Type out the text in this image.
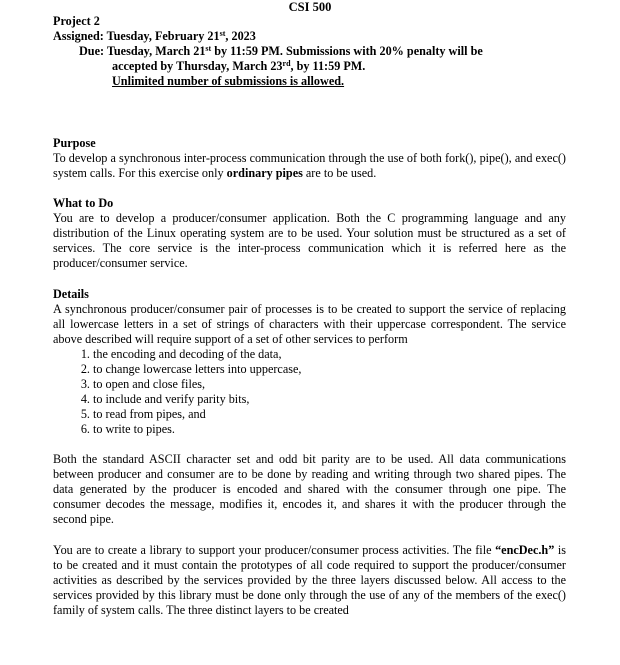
CSI 500
Project 2
Assigned: Tuesday, February 21st, 2023
Due: Tuesday, March 21st by 11:59 PM. Submissions with 20% penalty will be
accepted by Thursday, March 23rd, by 11:59 PM.
Unlimited number of submissions is allowed.
Purpose

To develop a synchronous inter-process communication through the use of both fork(), pipe(), and exec() system calls. For this exercise only ordinary pipes are to be used.

What to Do

You are to develop a producer/consumer application. Both the C programming language and any distribution of the Linux operating system are to be used. Your solution must be structured as a set of services. The core service is the inter-process communication which it is referred here as the producer/consumer service.

Details

A synchronous producer/consumer pair of processes is to be created to support the service of replacing all lowercase letters in a set of strings of characters with their uppercase correspondent. The service above described will require support of a set of other services to perform

1. the encoding and decoding of the data,
2. to change lowercase letters into uppercase,
3. to open and close files,
4. to include and verify parity bits,
5. to read from pipes, and
6. to write to pipes.

Both the standard ASCII character set and odd bit parity are to be used. All data communications between producer and consumer are to be done by reading and writing through two shared pipes. The data generated by the producer is encoded and shared with the consumer through one pipe. The consumer decodes the message, modifies it, encodes it, and shares it with the producer through the second pipe.

You are to create a library to support your producer/consumer process activities. The file “encDec.h” is to be created and it must contain the prototypes of all code required to support the producer/consumer activities as described by the services provided by the three layers discussed below. All access to the services provided by this library must be done only through the use of any of the members of the exec() family of system calls. The three distinct layers to be created
